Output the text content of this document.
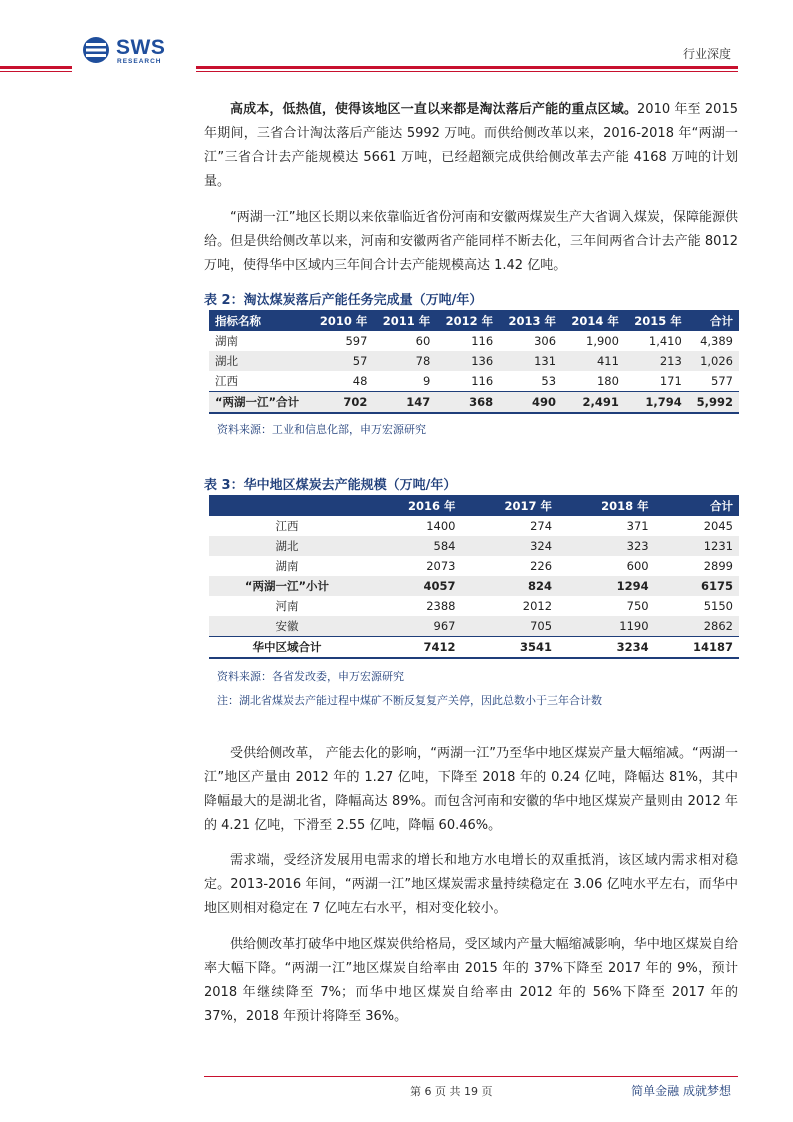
SWS
RESEARCH
行业深度

高成本，低热值，使得该地区一直以来都是淘汰落后产能的重点区域。2010 年至 2015 年期间，三省合计淘汰落后产能达 5992 万吨。而供给侧改革以来，2016-2018 年“两湖一江”三省合计去产能规模达 5661 万吨，已经超额完成供给侧改革去产能 4168 万吨的计划量。

“两湖一江”地区长期以来依靠临近省份河南和安徽两煤炭生产大省调入煤炭，保障能源供给。但是供给侧改革以来，河南和安徽两省产能同样不断去化，三年间两省合计去产能 8012 万吨，使得华中区域内三年间合计去产能规模高达 1.42 亿吨。

表 2：淘汰煤炭落后产能任务完成量（万吨/年）
指标名称	2010 年	2011 年	2012 年	2013 年	2014 年	2015 年	合计
湖南	597	60	116	306	1,900	1,410	4,389
湖北	57	78	136	131	411	213	1,026
江西	48	9	116	53	180	171	577
“两湖一江”合计	702	147	368	490	2,491	1,794	5,992
资料来源：工业和信息化部，申万宏源研究
表 3：华中地区煤炭去产能规模（万吨/年）
	2016 年	2017 年	2018 年	合计
江西	1400	274	371	2045
湖北	584	324	323	1231
湖南	2073	226	600	2899
“两湖一江”小计	4057	824	1294	6175
河南	2388	2012	750	5150
安徽	967	705	1190	2862
华中区域合计	7412	3541	3234	14187
资料来源：各省发改委，申万宏源研究
注：湖北省煤炭去产能过程中煤矿不断反复复产关停，因此总数小于三年合计数

受供给侧改革， 产能去化的影响，“两湖一江”乃至华中地区煤炭产量大幅缩减。“两湖一江”地区产量由 2012 年的 1.27 亿吨，下降至 2018 年的 0.24 亿吨，降幅达 81%，其中降幅最大的是湖北省，降幅高达 89%。而包含河南和安徽的华中地区煤炭产量则由 2012 年的 4.21 亿吨，下滑至 2.55 亿吨，降幅 60.46%。

需求端，受经济发展用电需求的增长和地方水电增长的双重抵消，该区域内需求相对稳定。2013-2016 年间，“两湖一江”地区煤炭需求量持续稳定在 3.06 亿吨水平左右，而华中地区则相对稳定在 7 亿吨左右水平，相对变化较小。

供给侧改革打破华中地区煤炭供给格局，受区域内产量大幅缩减影响，华中地区煤炭自给率大幅下降。“两湖一江”地区煤炭自给率由 2015 年的 37%下降至 2017 年的 9%，预计 2018 年继续降至 7%；而华中地区煤炭自给率由 2012 年的 56%下降至 2017 年的 37%，2018 年预计将降至 36%。

第 6 页 共 19 页	简单金融 成就梦想
